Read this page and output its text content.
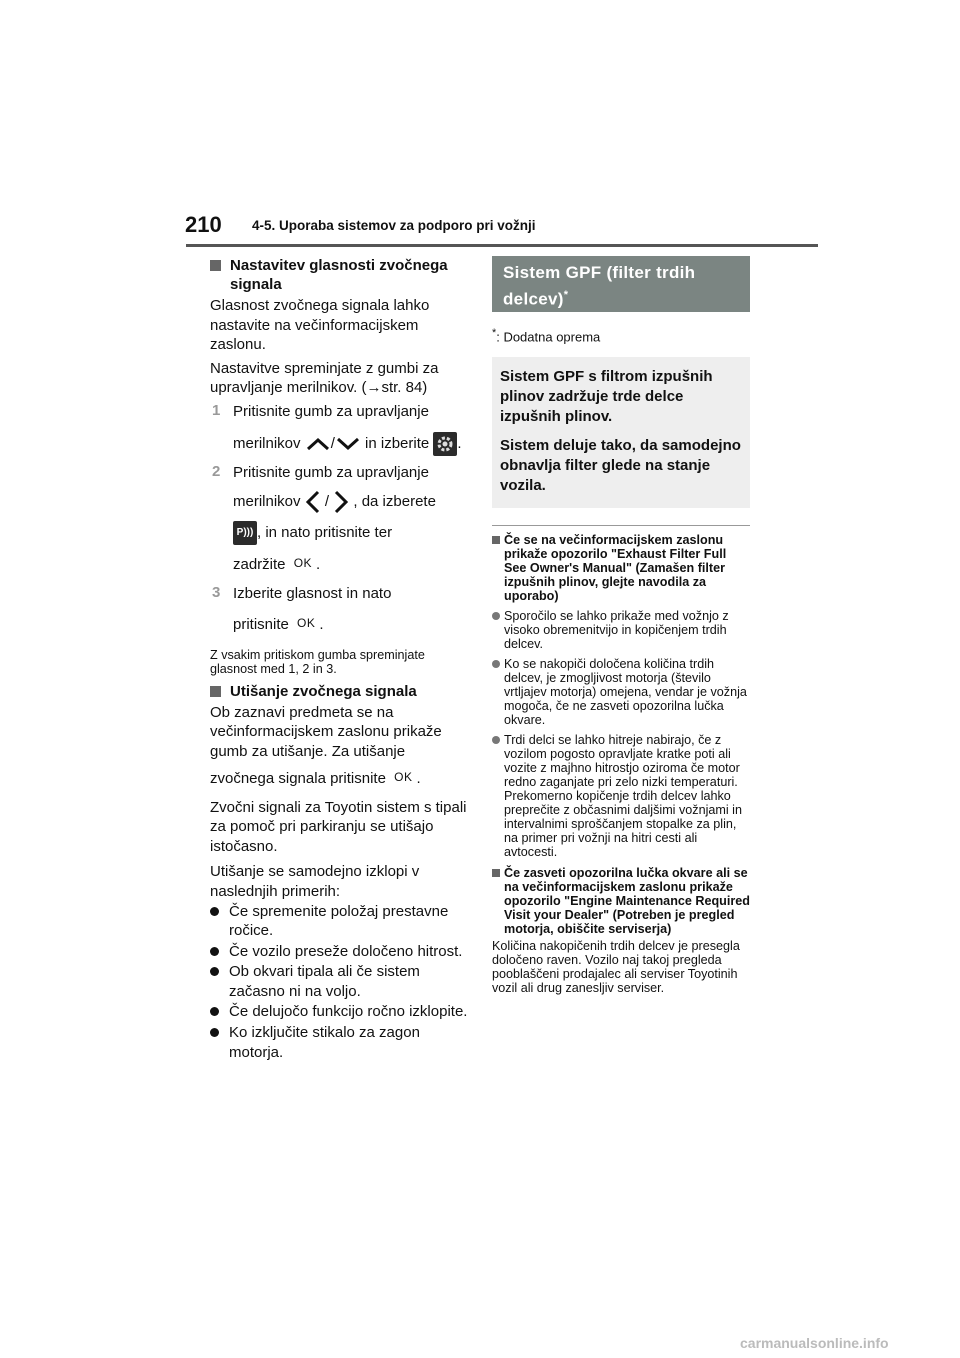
210 4-5. Uporaba sistemov za podporo pri vožnji
Nastavitev glasnosti zvočnega signala

Glasnost zvočnega signala lahko nastavite na večinformacijskem zaslonu.

Nastavitve spreminjate z gumbi za upravljanje merilnikov. (→str. 84)

1 Pritisnite gumb za upravljanje
merilnikov / in izberite .
2 Pritisnite gumb za upravljanje
merilnikov / , da izberete
P))) , in nato pritisnite ter
zadržite OK .
3 Izberite glasnost in nato
pritisnite OK .

Z vsakim pritiskom gumba spreminjate glasnost med 1, 2 in 3.

Utišanje zvočnega signala

Ob zaznavi predmeta se na večinformacijskem zaslonu prikaže gumb za utišanje. Za utišanje

zvočnega signala pritisnite OK .

Zvočni signali za Toyotin sistem s tipali za pomoč pri parkiranju se utišajo istočasno.

Utišanje se samodejno izklopi v naslednjih primerih:

Če spremenite položaj prestavne ročice.
Če vozilo preseže določeno hitrost.
Ob okvari tipala ali če sistem začasno ni na voljo.
Če delujočo funkcijo ročno izklopite.
Ko izključite stikalo za zagon motorja.
Sistem GPF (filter trdih delcev)*

*: Dodatna oprema

Sistem GPF s filtrom izpušnih plinov zadržuje trde delce izpušnih plinov.

Sistem deluje tako, da samodejno obnavlja filter glede na stanje vozila.

Če se na večinformacijskem zaslonu prikaže opozorilo "Exhaust Filter Full See Owner's Manual" (Zamašen filter izpušnih plinov, glejte navodila za uporabo)
Sporočilo se lahko prikaže med vožnjo z visoko obremenitvijo in kopičenjem trdih delcev.
Ko se nakopiči določena količina trdih delcev, je zmogljivost motorja (število vrtljajev motorja) omejena, vendar je vožnja mogoča, če ne zasveti opozorilna lučka okvare.
Trdi delci se lahko hitreje nabirajo, če z vozilom pogosto opravljate kratke poti ali vozite z majhno hitrostjo oziroma če motor redno zaganjate pri zelo nizki temperaturi. Prekomerno kopičenje trdih delcev lahko preprečite z občasnimi daljšimi vožnjami in intervalnimi sproščanjem stopalke za plin, na primer pri vožnji na hitri cesti ali avtocesti.
Če zasveti opozorilna lučka okvare ali se na večinformacijskem zaslonu prikaže opozorilo "Engine Maintenance Required Visit your Dealer" (Potreben je pregled motorja, obiščite serviserja)

Količina nakopičenih trdih delcev je presegla določeno raven. Vozilo naj takoj pregleda pooblaščeni prodajalec ali serviser Toyotinih vozil ali drug zanesljiv serviser.

carmanualsonline.info
